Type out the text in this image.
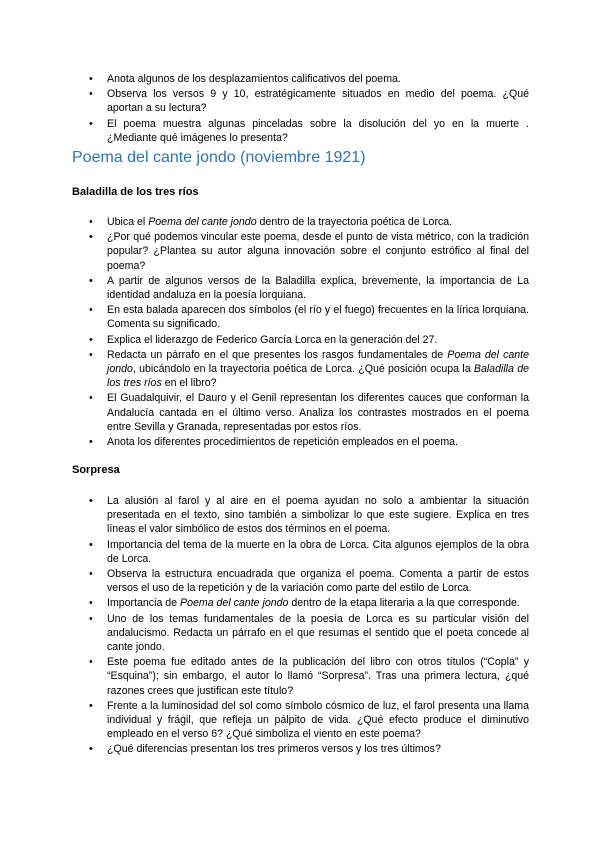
• Anota algunos de los desplazamientos calificativos del poema.
• Observa los versos 9 y 10, estratégicamente situados en medio del poema. ¿Qué aportan a su lectura?
• El poema muestra algunas pinceladas sobre la disolución del yo en la muerte . ¿Mediante qué imágenes lo presenta?
Poema del cante jondo (noviembre 1921)
Baladilla de los tres ríos
• Ubica el Poema del cante jondo dentro de la trayectoria poética de Lorca.
• ¿Por qué podemos vincular este poema, desde el punto de vista métrico, con la tradición popular? ¿Plantea su autor alguna innovación sobre el conjunto estrófico al final del poema?
• A partir de algunos versos de la Baladilla explica, brevemente, la importancia de La identidad andaluza en la poesía lorquiana.
• En esta balada aparecen dos símbolos (el río y el fuego) frecuentes en la lírica lorquiana. Comenta su significado.
• Explica el liderazgo de Federico García Lorca en la generación del 27.
• Redacta un párrafo en el que presentes los rasgos fundamentales de Poema del cante jondo, ubicándolo en la trayectoria poética de Lorca. ¿Qué posición ocupa la Baladilla de los tres ríos en el libro?
• El Guadalquivir, el Dauro y el Genil representan los diferentes cauces que conforman la Andalucía cantada en el último verso. Analiza los contrastes mostrados en el poema entre Sevilla y Granada, representadas por estos ríos.
• Anota los diferentes procedimientos de repetición empleados en el poema.
Sorpresa
• La alusión al farol y al aire en el poema ayudan no solo a ambientar la situación presentada en el texto, sino también a simbolizar lo que este sugiere. Explica en tres líneas el valor simbólico de estos dos términos en el poema.
• Importancia del tema de la muerte en la obra de Lorca. Cita algunos ejemplos de la obra de Lorca.
• Observa la estructura encuadrada que organiza el poema. Comenta a partir de estos versos el uso de la repetición y de la variación como parte del estilo de Lorca.
• Importancia de Poema del cante jondo dentro de la etapa literaria a la que corresponde.
• Uno de los temas fundamentales de la poesía de Lorca es su particular visión del andalucismo. Redacta un párrafo en el que resumas el sentido que el poeta concede al cante jondo.
• Este poema fue editado antes de la publicación del libro con otros títulos (“Copla” y “Esquina”); sin embargo, el autor lo llamó “Sorpresa”. Tras una primera lectura, ¿qué razones crees que justifican este título?
• Frente a la luminosidad del sol como símbolo cósmico de luz, el farol presenta una llama individual y frágil, que refleja un pálpito de vida. ¿Qué efecto produce el diminutivo empleado en el verso 6? ¿Qué simboliza el viento en este poema?
• ¿Qué diferencias presentan los tres primeros versos y los tres últimos?
